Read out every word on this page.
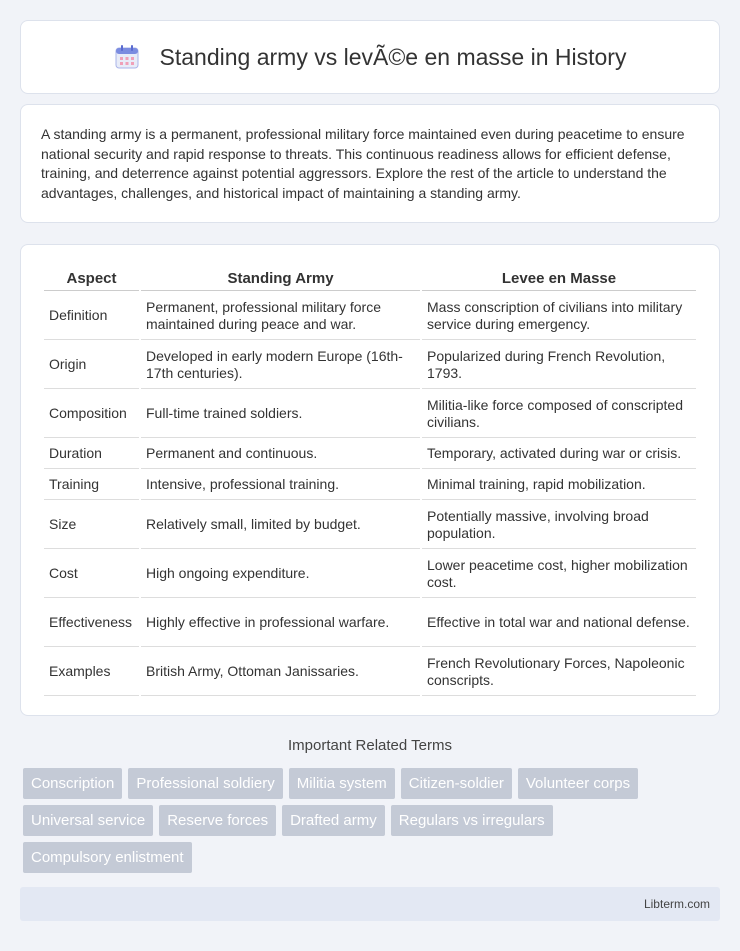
Standing army vs levÃ©e en masse in History

A standing army is a permanent, professional military force maintained even during peacetime to ensure national security and rapid response to threats. This continuous readiness allows for efficient defense, training, and deterrence against potential aggressors. Explore the rest of the article to understand the advantages, challenges, and historical impact of maintaining a standing army.

Aspect	Standing Army	Levee en Masse
Definition	Permanent, professional military force maintained during peace and war.	Mass conscription of civilians into military service during emergency.
Origin	Developed in early modern Europe (16th-17th centuries).	Popularized during French Revolution, 1793.
Composition	Full-time trained soldiers.	Militia-like force composed of conscripted civilians.
Duration	Permanent and continuous.	Temporary, activated during war or crisis.
Training	Intensive, professional training.	Minimal training, rapid mobilization.
Size	Relatively small, limited by budget.	Potentially massive, involving broad population.
Cost	High ongoing expenditure.	Lower peacetime cost, higher mobilization cost.
Effectiveness	Highly effective in professional warfare.	Effective in total war and national defense.
Examples	British Army, Ottoman Janissaries.	French Revolutionary Forces, Napoleonic conscripts.
Important Related Terms
Conscription	Professional soldiery	Militia system	Citizen-soldier	Volunteer corps
Universal service	Reserve forces	Drafted army	Regulars vs irregulars
Compulsory enlistment
Libterm.com
